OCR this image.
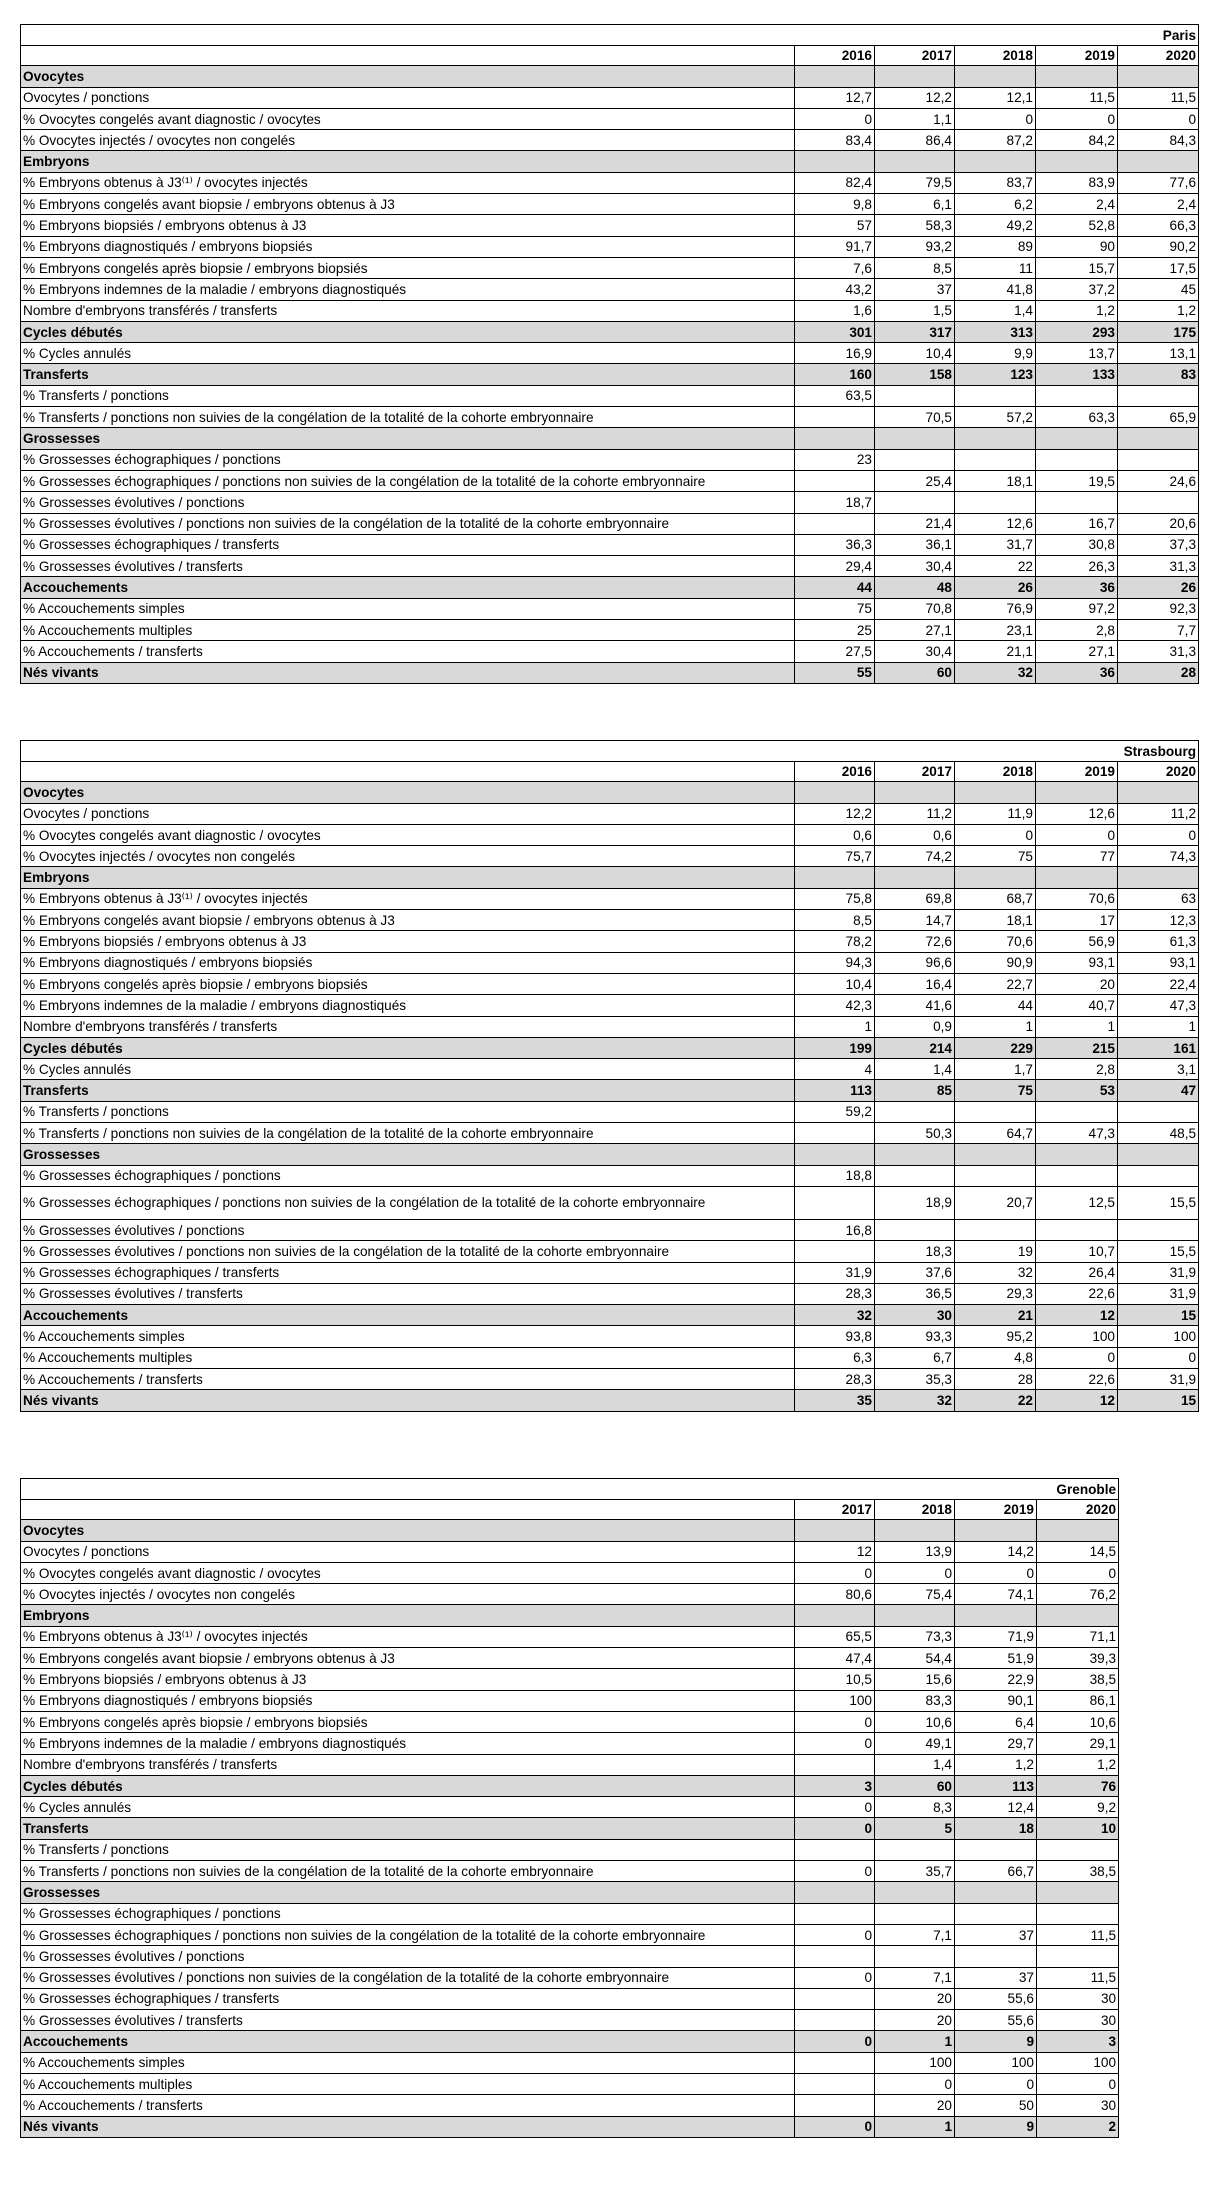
Paris					
	2016	2017	2018	2019	2020
Ovocytes					
Ovocytes / ponctions	12,7	12,2	12,1	11,5	11,5
% Ovocytes congelés avant diagnostic / ovocytes	0	1,1	0	0	0
% Ovocytes injectés / ovocytes non congelés	83,4	86,4	87,2	84,2	84,3
Embryons					
% Embryons obtenus à J3⁽¹⁾ / ovocytes injectés	82,4	79,5	83,7	83,9	77,6
% Embryons congelés avant biopsie / embryons obtenus à J3	9,8	6,1	6,2	2,4	2,4
% Embryons biopsiés / embryons obtenus à J3	57	58,3	49,2	52,8	66,3
% Embryons diagnostiqués / embryons biopsiés	91,7	93,2	89	90	90,2
% Embryons congelés après biopsie / embryons biopsiés	7,6	8,5	11	15,7	17,5
% Embryons indemnes de la maladie / embryons diagnostiqués	43,2	37	41,8	37,2	45
Nombre d'embryons transférés / transferts	1,6	1,5	1,4	1,2	1,2
Cycles débutés	301	317	313	293	175
% Cycles annulés	16,9	10,4	9,9	13,7	13,1
Transferts	160	158	123	133	83
% Transferts / ponctions	63,5				
% Transferts / ponctions non suivies de la congélation de la totalité de la cohorte embryonnaire		70,5	57,2	63,3	65,9
Grossesses					
% Grossesses échographiques / ponctions	23				
% Grossesses échographiques / ponctions non suivies de la congélation de la totalité de la cohorte embryonnaire		25,4	18,1	19,5	24,6
% Grossesses évolutives / ponctions	18,7				
% Grossesses évolutives / ponctions non suivies de la congélation de la totalité de la cohorte embryonnaire		21,4	12,6	16,7	20,6
% Grossesses échographiques / transferts	36,3	36,1	31,7	30,8	37,3
% Grossesses évolutives / transferts	29,4	30,4	22	26,3	31,3
Accouchements	44	48	26	36	26
% Accouchements simples	75	70,8	76,9	97,2	92,3
% Accouchements multiples	25	27,1	23,1	2,8	7,7
% Accouchements / transferts	27,5	30,4	21,1	27,1	31,3
Nés vivants	55	60	32	36	28
Strasbourg					
	2016	2017	2018	2019	2020
Ovocytes					
Ovocytes / ponctions	12,2	11,2	11,9	12,6	11,2
% Ovocytes congelés avant diagnostic / ovocytes	0,6	0,6	0	0	0
% Ovocytes injectés / ovocytes non congelés	75,7	74,2	75	77	74,3
Embryons					
% Embryons obtenus à J3⁽¹⁾ / ovocytes injectés	75,8	69,8	68,7	70,6	63
% Embryons congelés avant biopsie / embryons obtenus à J3	8,5	14,7	18,1	17	12,3
% Embryons biopsiés / embryons obtenus à J3	78,2	72,6	70,6	56,9	61,3
% Embryons diagnostiqués / embryons biopsiés	94,3	96,6	90,9	93,1	93,1
% Embryons congelés après biopsie / embryons biopsiés	10,4	16,4	22,7	20	22,4
% Embryons indemnes de la maladie / embryons diagnostiqués	42,3	41,6	44	40,7	47,3
Nombre d'embryons transférés / transferts	1	0,9	1	1	1
Cycles débutés	199	214	229	215	161
% Cycles annulés	4	1,4	1,7	2,8	3,1
Transferts	113	85	75	53	47
% Transferts / ponctions	59,2				
% Transferts / ponctions non suivies de la congélation de la totalité de la cohorte embryonnaire		50,3	64,7	47,3	48,5
Grossesses					
% Grossesses échographiques / ponctions	18,8				
% Grossesses échographiques / ponctions non suivies de la congélation de la totalité de la cohorte embryonnaire		18,9	20,7	12,5	15,5
% Grossesses évolutives / ponctions	16,8				
% Grossesses évolutives / ponctions non suivies de la congélation de la totalité de la cohorte embryonnaire		18,3	19	10,7	15,5
% Grossesses échographiques / transferts	31,9	37,6	32	26,4	31,9
% Grossesses évolutives / transferts	28,3	36,5	29,3	22,6	31,9
Accouchements	32	30	21	12	15
% Accouchements simples	93,8	93,3	95,2	100	100
% Accouchements multiples	6,3	6,7	4,8	0	0
% Accouchements / transferts	28,3	35,3	28	22,6	31,9
Nés vivants	35	32	22	12	15
Grenoble				
	2017	2018	2019	2020
Ovocytes				
Ovocytes / ponctions	12	13,9	14,2	14,5
% Ovocytes congelés avant diagnostic / ovocytes	0	0	0	0
% Ovocytes injectés / ovocytes non congelés	80,6	75,4	74,1	76,2
Embryons				
% Embryons obtenus à J3⁽¹⁾ / ovocytes injectés	65,5	73,3	71,9	71,1
% Embryons congelés avant biopsie / embryons obtenus à J3	47,4	54,4	51,9	39,3
% Embryons biopsiés / embryons obtenus à J3	10,5	15,6	22,9	38,5
% Embryons diagnostiqués / embryons biopsiés	100	83,3	90,1	86,1
% Embryons congelés après biopsie / embryons biopsiés	0	10,6	6,4	10,6
% Embryons indemnes de la maladie / embryons diagnostiqués	0	49,1	29,7	29,1
Nombre d'embryons transférés / transferts		1,4	1,2	1,2
Cycles débutés	3	60	113	76
% Cycles annulés	0	8,3	12,4	9,2
Transferts	0	5	18	10
% Transferts / ponctions				
% Transferts / ponctions non suivies de la congélation de la totalité de la cohorte embryonnaire	0	35,7	66,7	38,5
Grossesses				
% Grossesses échographiques / ponctions				
% Grossesses échographiques / ponctions non suivies de la congélation de la totalité de la cohorte embryonnaire	0	7,1	37	11,5
% Grossesses évolutives / ponctions				
% Grossesses évolutives / ponctions non suivies de la congélation de la totalité de la cohorte embryonnaire	0	7,1	37	11,5
% Grossesses échographiques / transferts		20	55,6	30
% Grossesses évolutives / transferts		20	55,6	30
Accouchements	0	1	9	3
% Accouchements simples		100	100	100
% Accouchements multiples		0	0	0
% Accouchements / transferts		20	50	30
Nés vivants	0	1	9	2
